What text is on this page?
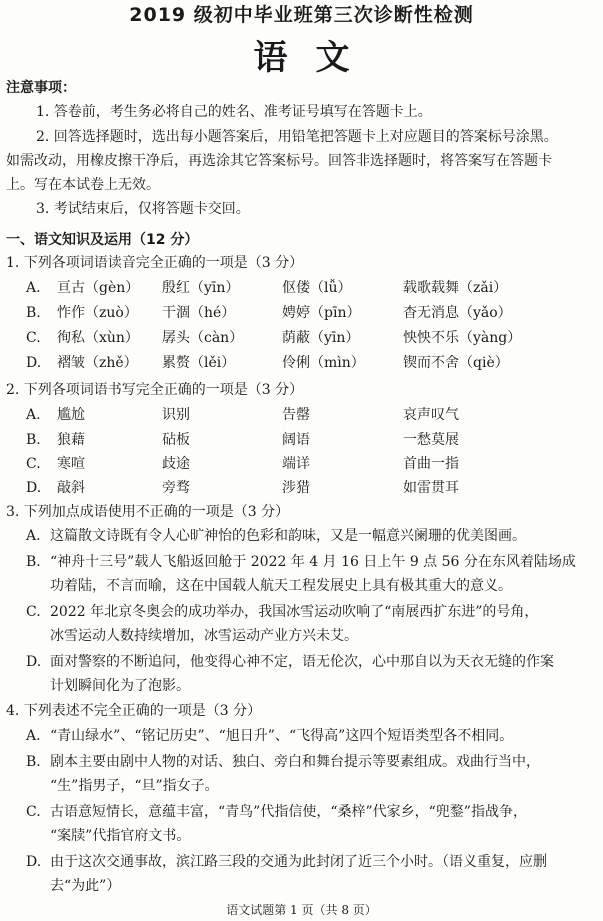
2019 级初中毕业班第三次诊断性检测
语文
注意事项：
1. 答卷前，考生务必将自己的姓名、准考证号填写在答题卡上。
2. 回答选择题时，选出每小题答案后，用铅笔把答题卡上对应题目的答案标号涂黑。
如需改动，用橡皮擦干净后，再选涂其它答案标号。回答非选择题时，将答案写在答题卡
上。写在本试卷上无效。
3. 考试结束后，仅将答题卡交回。
一、语文知识及运用（12 分）
1. 下列各项词语读音完全正确的一项是（3 分）
A. 亘古（gèn） 殷红（yīn）	伛偻（lǚ）	载歌载舞（zǎi）
B. 怍作（zuò） 干涸（hé）	娉婷（pīn）	杳无消息（yǎo）
C. 徇私（xùn） 孱头（càn）	荫蔽（yīn）	怏怏不乐（yàng）
D. 褶皱（zhě） 累赘（lěi）	伶俐（mìn）	锲而不舍（qiè）
2. 下列各项词语书写完全正确的一项是（3 分）
A. 尴尬	识别	告罄	哀声叹气
B. 狼藉	砧板	阔语	一愁莫展
C. 寒喧	歧途	端详	首曲一指
D. 敲斜	旁骛	涉猎	如雷贯耳
3. 下列加点成语使用不正确的一项是（3 分）
A. 这篇散文诗既有令人心旷神怡的色彩和韵味，又是一幅意兴阑珊的优美图画。
B. “神舟十三号”载人飞船返回舱于 2022 年 4 月 16 日上午 9 点 56 分在东风着陆场成
功着陆，不言而喻，这在中国载人航天工程发展史上具有极其重大的意义。
C. 2022 年北京冬奥会的成功举办，我国冰雪运动吹响了“南展西扩东进”的号角，
冰雪运动人数持续增加，冰雪运动产业方兴未艾。
D. 面对警察的不断追问，他变得心神不定，语无伦次，心中那自以为天衣无缝的作案
计划瞬间化为了泡影。
4. 下列表述不完全正确的一项是（3 分）
A. “青山绿水”、“铭记历史”、“旭日升”、“飞得高”这四个短语类型各不相同。
B. 剧本主要由剧中人物的对话、独白、旁白和舞台提示等要素组成。戏曲行当中，
“生”指男子，“旦”指女子。
C. 古语意短情长，意蕴丰富，“青鸟”代指信使，“桑梓”代家乡，“兜鍪”指战争，
“案牍”代指官府文书。
D. 由于这次交通事故，滨江路三段的交通为此封闭了近三个小时。（语义重复，应删
去“为此”）
语文试题第 1 页（共 8 页）
